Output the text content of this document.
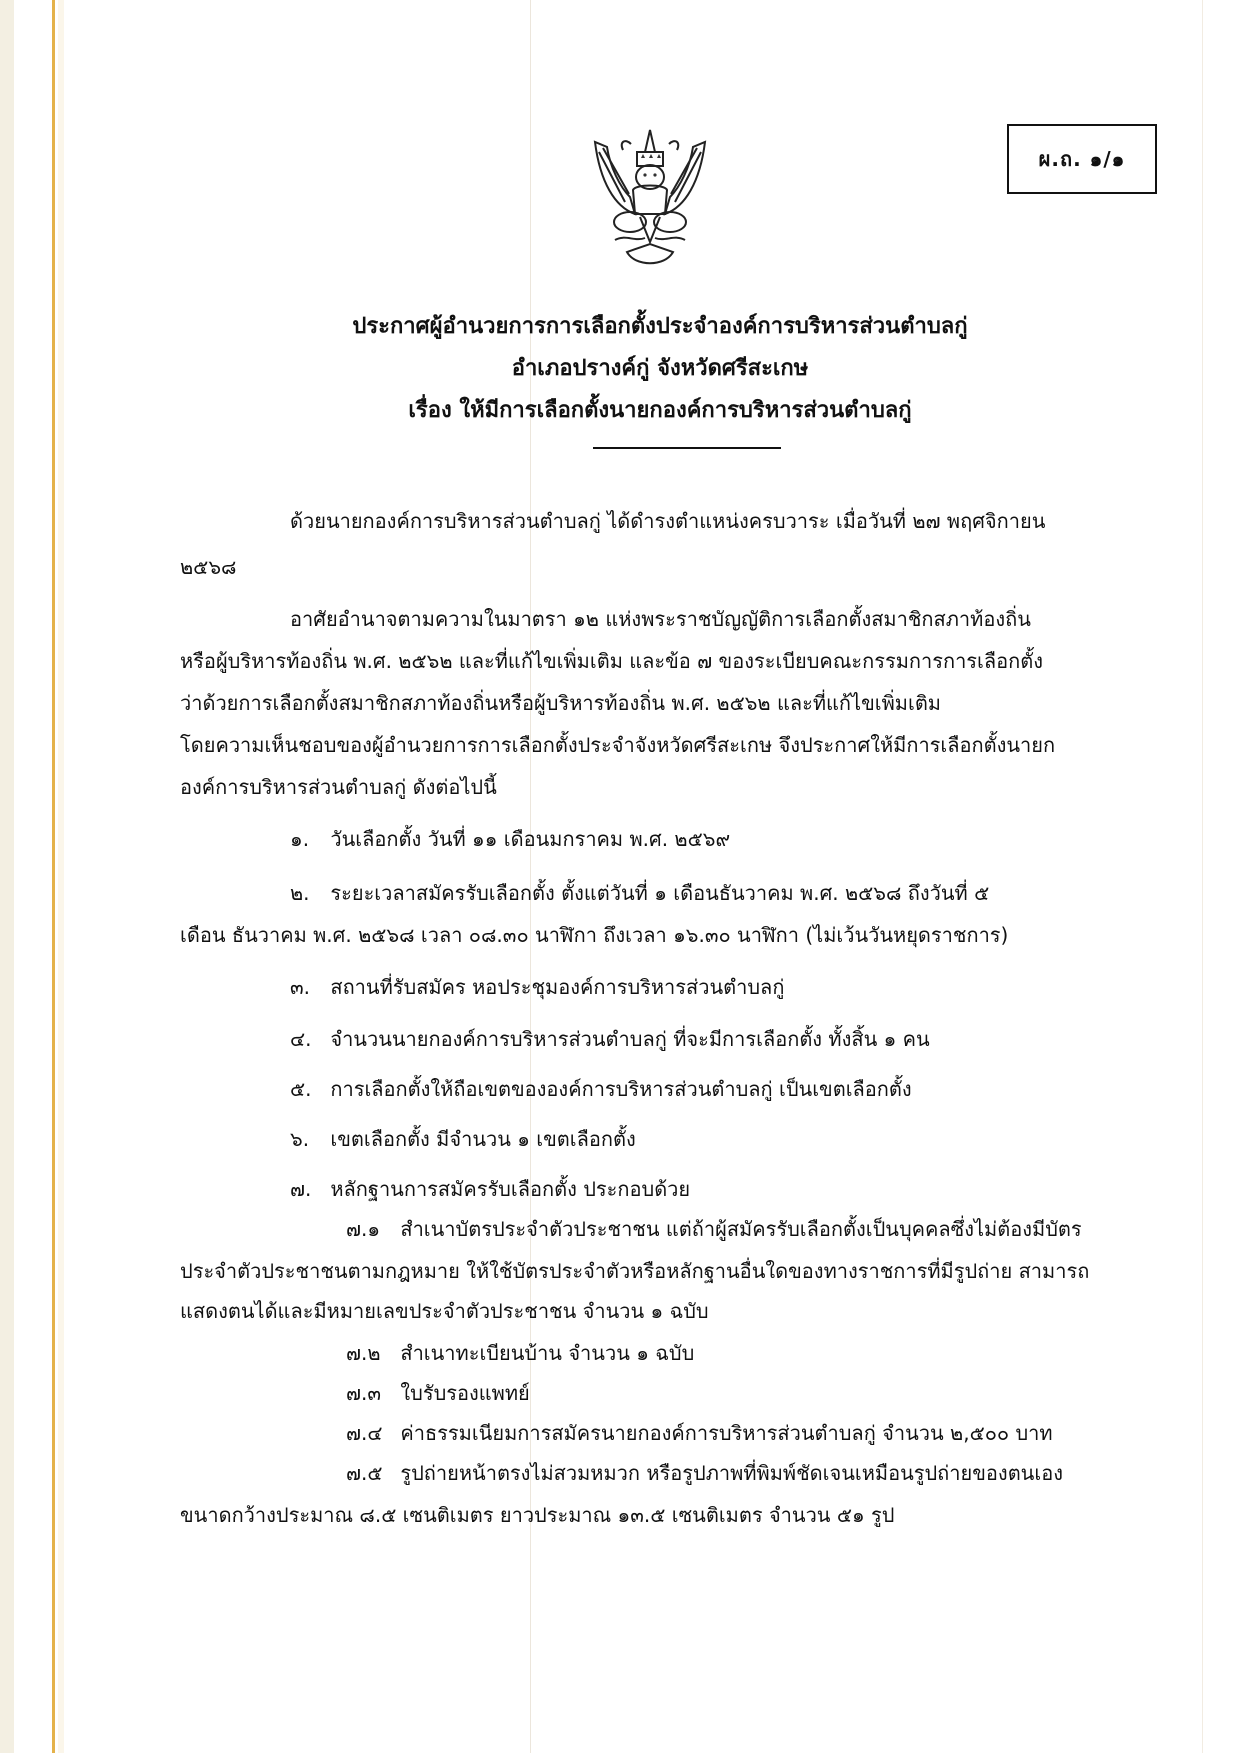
ผ.ถ. ๑/๑
ประกาศผู้อำนวยการการเลือกตั้งประจำองค์การบริหารส่วนตำบลกู่
อำเภอปรางค์กู่ จังหวัดศรีสะเกษ
เรื่อง ให้มีการเลือกตั้งนายกองค์การบริหารส่วนตำบลกู่
ด้วยนายกองค์การบริหารส่วนตำบลกู่ ได้ดำรงตำแหน่งครบวาระ เมื่อวันที่ ๒๗ พฤศจิกายน
๒๕๖๘
อาศัยอำนาจตามความในมาตรา ๑๒ แห่งพระราชบัญญัติการเลือกตั้งสมาชิกสภาท้องถิ่น
หรือผู้บริหารท้องถิ่น พ.ศ. ๒๕๖๒ และที่แก้ไขเพิ่มเติม และข้อ ๗ ของระเบียบคณะกรรมการการเลือกตั้ง
ว่าด้วยการเลือกตั้งสมาชิกสภาท้องถิ่นหรือผู้บริหารท้องถิ่น พ.ศ. ๒๕๖๒ และที่แก้ไขเพิ่มเติม
โดยความเห็นชอบของผู้อำนวยการการเลือกตั้งประจำจังหวัดศรีสะเกษ จึงประกาศให้มีการเลือกตั้งนายก
องค์การบริหารส่วนตำบลกู่ ดังต่อไปนี้
๑. วันเลือกตั้ง วันที่ ๑๑ เดือนมกราคม พ.ศ. ๒๕๖๙
๒. ระยะเวลาสมัครรับเลือกตั้ง ตั้งแต่วันที่ ๑ เดือนธันวาคม พ.ศ. ๒๕๖๘ ถึงวันที่ ๕
เดือน ธันวาคม พ.ศ. ๒๕๖๘ เวลา ๐๘.๓๐ นาฬิกา ถึงเวลา ๑๖.๓๐ นาฬิกา (ไม่เว้นวันหยุดราชการ)
๓. สถานที่รับสมัคร หอประชุมองค์การบริหารส่วนตำบลกู่
๔. จำนวนนายกองค์การบริหารส่วนตำบลกู่ ที่จะมีการเลือกตั้ง ทั้งสิ้น ๑ คน
๕. การเลือกตั้งให้ถือเขตขององค์การบริหารส่วนตำบลกู่ เป็นเขตเลือกตั้ง
๖. เขตเลือกตั้ง มีจำนวน ๑ เขตเลือกตั้ง
๗. หลักฐานการสมัครรับเลือกตั้ง ประกอบด้วย
๗.๑ สำเนาบัตรประจำตัวประชาชน แต่ถ้าผู้สมัครรับเลือกตั้งเป็นบุคคลซึ่งไม่ต้องมีบัตร
ประจำตัวประชาชนตามกฎหมาย ให้ใช้บัตรประจำตัวหรือหลักฐานอื่นใดของทางราชการที่มีรูปถ่าย สามารถ
แสดงตนได้และมีหมายเลขประจำตัวประชาชน จำนวน ๑ ฉบับ
๗.๒ สำเนาทะเบียนบ้าน จำนวน ๑ ฉบับ
๗.๓ ใบรับรองแพทย์
๗.๔ ค่าธรรมเนียมการสมัครนายกองค์การบริหารส่วนตำบลกู่ จำนวน ๒,๕๐๐ บาท
๗.๕ รูปถ่ายหน้าตรงไม่สวมหมวก หรือรูปภาพที่พิมพ์ชัดเจนเหมือนรูปถ่ายของตนเอง
ขนาดกว้างประมาณ ๘.๕ เซนติเมตร ยาวประมาณ ๑๓.๕ เซนติเมตร จำนวน ๕๑ รูป
